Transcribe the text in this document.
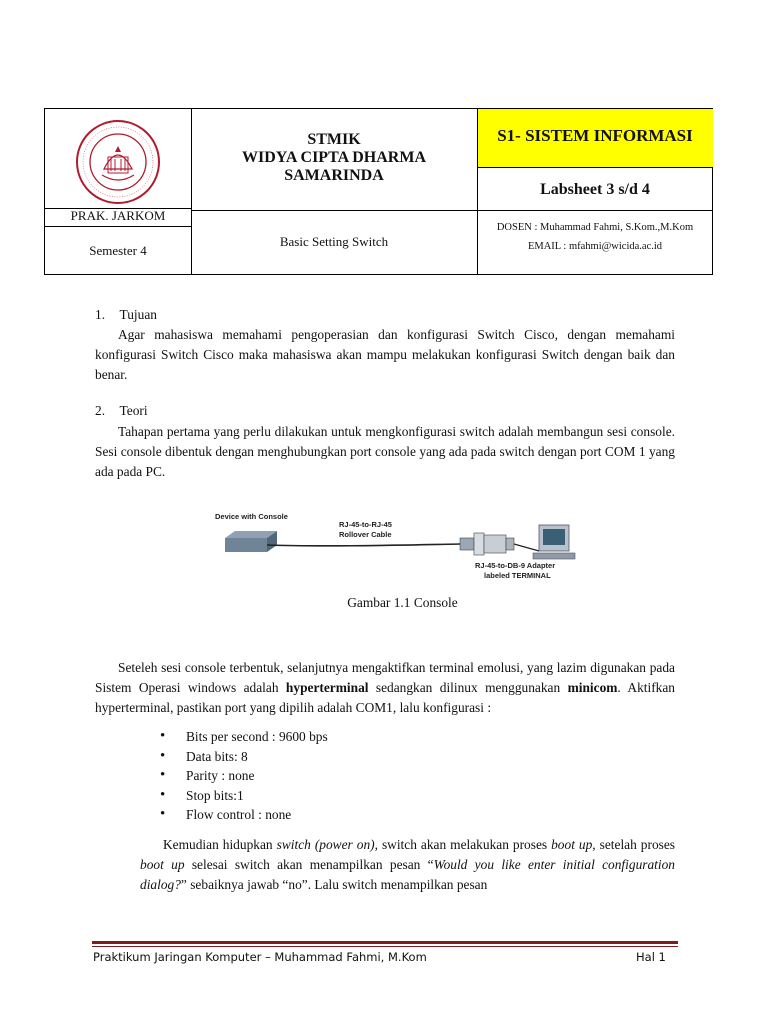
STMIK
WIDYA CIPTA DHARMA
SAMARINDA
S1- SISTEM INFORMASI
Labsheet 3 s/d 4
PRAK. JARKOM
Semester 4
Basic Setting Switch
DOSEN : Muhammad Fahmi, S.Kom.,M.Kom
EMAIL : mfahmi@wicida.ac.id
1. Tujuan
Agar mahasiswa memahami pengoperasian dan konfigurasi Switch Cisco, dengan memahami konfigurasi Switch Cisco maka mahasiswa akan mampu melakukan konfigurasi Switch dengan baik dan benar.
2. Teori
Tahapan pertama yang perlu dilakukan untuk mengkonfigurasi switch adalah membangun sesi console. Sesi console dibentuk dengan menghubungkan port console yang ada pada switch dengan port COM 1 yang ada pada PC.
Device with Console
RJ-45-to-RJ-45
Rollover Cable
RJ-45-to-DB-9 Adapter
labeled TERMINAL
Gambar 1.1 Console
Seteleh sesi console terbentuk, selanjutnya mengaktifkan terminal emolusi, yang lazim digunakan pada Sistem Operasi windows adalah hyperterminal sedangkan dilinux menggunakan minicom. Aktifkan hyperterminal, pastikan port yang dipilih adalah COM1, lalu konfigurasi :
• Bits per second : 9600 bps
• Data bits: 8
• Parity : none
• Stop bits:1
• Flow control : none
Kemudian hidupkan switch (power on), switch akan melakukan proses boot up, setelah proses boot up selesai switch akan menampilkan pesan “Would you like enter initial configuration dialog?” sebaiknya jawab “no”. Lalu switch menampilkan pesan
Praktikum Jaringan Komputer – Muhammad Fahmi, M.Kom	Hal 1
